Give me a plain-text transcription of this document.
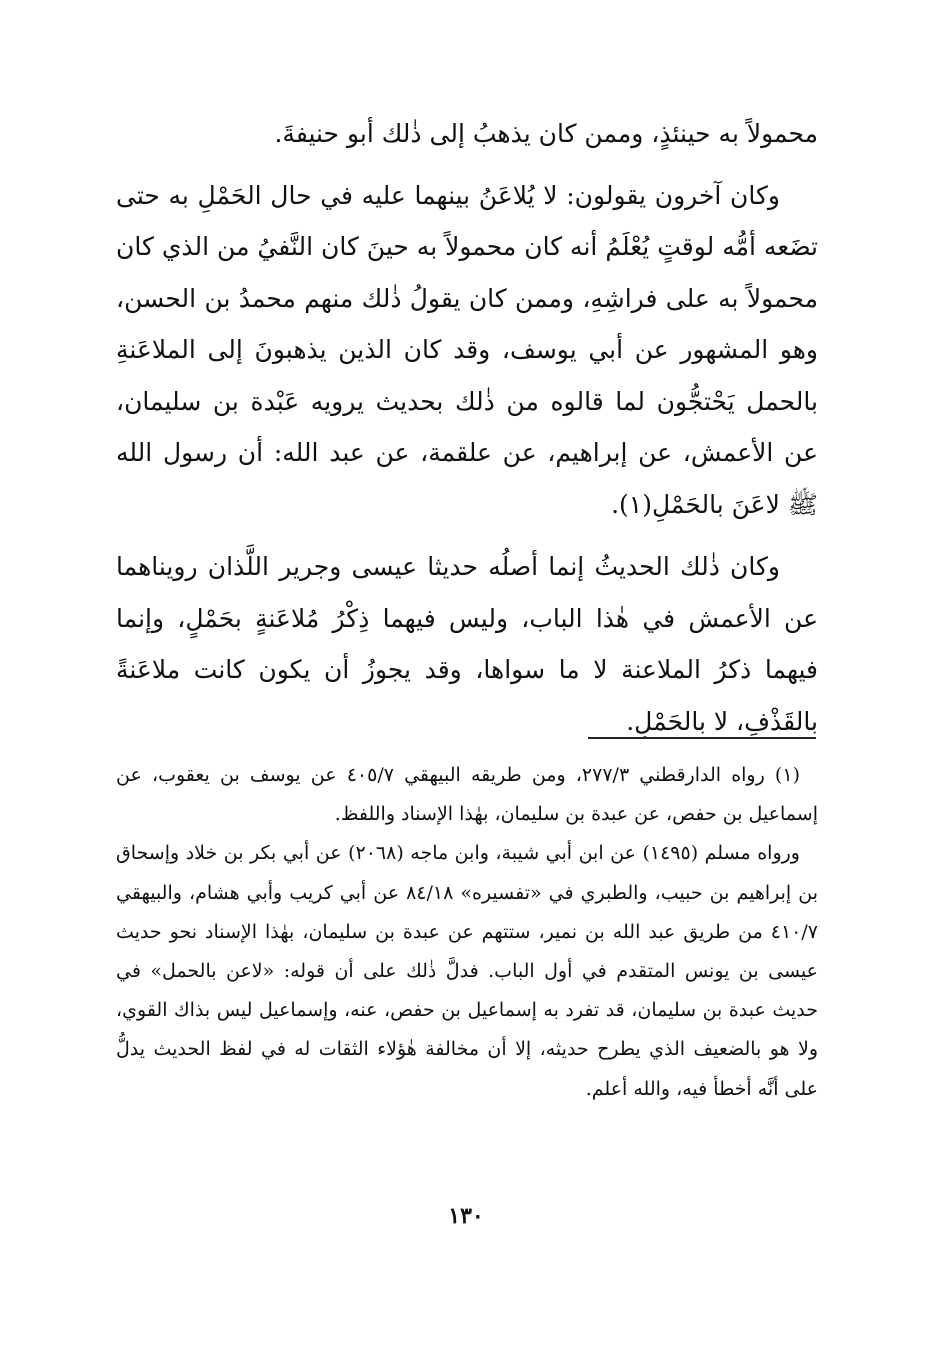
محمولاً به حينئذٍ، وممن كان يذهبُ إلى ذٰلك أبو حنيفةَ.

وكان آخرون يقولون: لا يُلاعَنُ بينهما عليه في حال الحَمْلِ به حتى تضَعه أمُّه لوقتٍ يُعْلَمُ أنه كان محمولاً به حينَ كان النَّفيُ من الذي كان محمولاً به على فراشِهِ، وممن كان يقولُ ذٰلك منهم محمدُ بن الحسن، وهو المشهور عن أبي يوسف، وقد كان الذين يذهبونَ إلى الملاعَنةِ بالحمل يَحْتجُّون لما قالوه من ذٰلك بحديث يرويه عَبْدة بن سليمان، عن الأعمش، عن إبراهيم، عن علقمة، عن عبد الله: أن رسول الله ﷺ لاعَنَ بالحَمْلِ(١).

وكان ذٰلك الحديثُ إنما أصلُه حديثا عيسى وجرير اللَّذان رويناهما عن الأعمش في هٰذا الباب، وليس فيهما ذِكْرُ مُلاعَنةٍ بحَمْلٍ، وإنما فيهما ذكرُ الملاعنة لا ما سواها، وقد يجوزُ أن يكون كانت ملاعَنةً بالقَذْفِ، لا بالحَمْلِ.

(١) رواه الدارقطني ٢٧٧/٣، ومن طريقه البيهقي ٤٠٥/٧ عن يوسف بن يعقوب، عن إسماعيل بن حفص، عن عبدة بن سليمان، بهٰذا الإسناد واللفظ.

ورواه مسلم (١٤٩٥) عن ابن أبي شيبة، وابن ماجه (٢٠٦٨) عن أبي بكر بن خلاد وإسحاق بن إبراهيم بن حبيب، والطبري في «تفسيره» ٨٤/١٨ عن أبي كريب وأبي هشام، والبيهقي ٤١٠/٧ من طريق عبد الله بن نمير، ستتهم عن عبدة بن سليمان، بهٰذا الإسناد نحو حديث عيسى بن يونس المتقدم في أول الباب. فدلَّ ذٰلك على أن قوله: «لاعن بالحمل» في حديث عبدة بن سليمان، قد تفرد به إسماعيل بن حفص، عنه، وإسماعيل ليس بذاك القوي، ولا هو بالضعيف الذي يطرح حديثه، إلا أن مخالفة هٰؤلاء الثقات له في لفظ الحديث يدلُّ على أنَّه أخطأ فيه، والله أعلم.

١٣٠
